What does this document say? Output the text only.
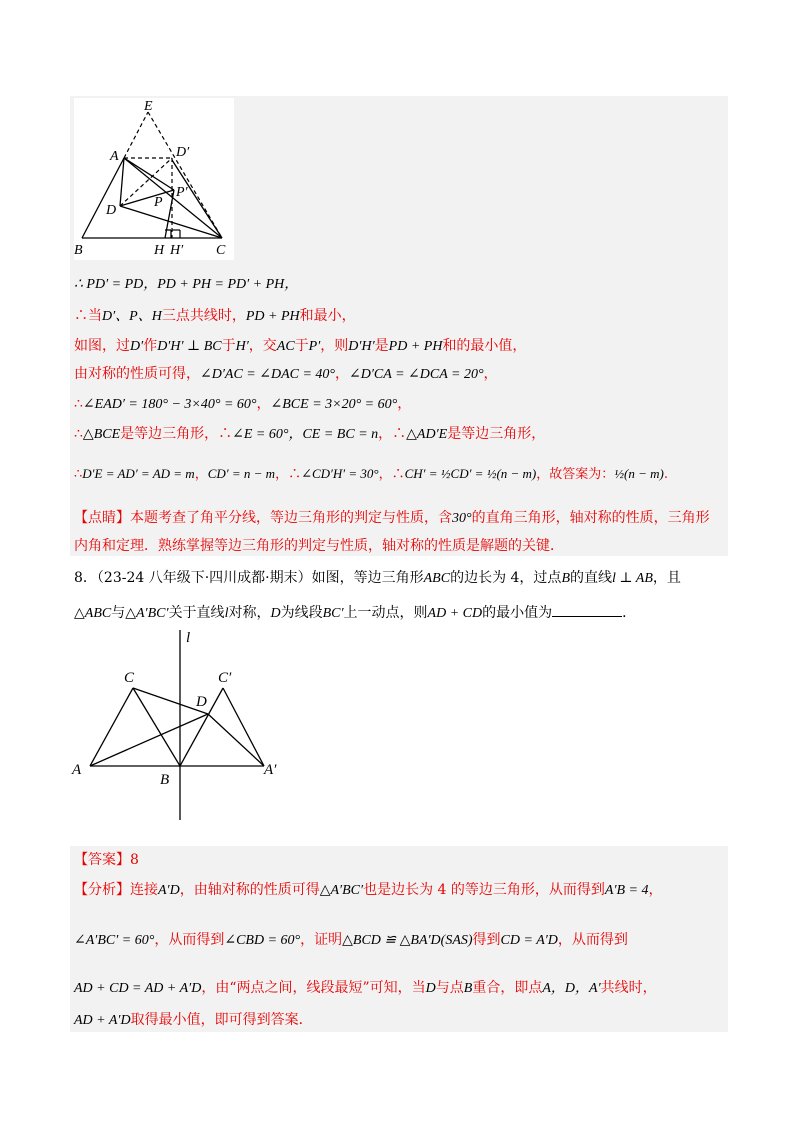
E
A	D′
D
P
P′
B	H H′ C
∴ PD′ = PD，PD + PH = PD′ + PH，
∴当D′、P、H三点共线时，PD + PH和最小，
如图，过D′作D′H′ ⊥ BC于H′，交AC于P′，则D′H′是PD + PH和的最小值，
由对称的性质可得，∠D′AC = ∠DAC = 40°，∠D′CA = ∠DCA = 20°，
∴∠EAD′ = 180° − 3×40° = 60°，∠BCE = 3×20° = 60°，
∴△BCE是等边三角形，∴∠E = 60°，CE = BC = n，∴△AD′E是等边三角形，
∴D′E = AD′ = AD = m，CD′ = n − m，∴∠CD′H′ = 30°，∴CH′ = ½CD′ = ½(n − m)，故答案为：½(n − m).
【点睛】本题考查了角平分线，等边三角形的判定与性质，含30°的直角三角形，轴对称的性质，三角形
内角和定理．熟练掌握等边三角形的判定与性质，轴对称的性质是解题的关键．
8．（23-24 八年级下·四川成都·期末）如图，等边三角形ABC的边长为 4，过点B的直线l ⊥ AB，且
△ABC与△A′BC′关于直线l对称，D为线段BC′上一动点，则AD + CD的最小值为	．
l
C	C′
D
A
B
A′
【答案】8
【分析】连接A′D，由轴对称的性质可得△A′BC′也是边长为 4 的等边三角形，从而得到A′B = 4，
∠A′BC′ = 60°，从而得到∠CBD = 60°，证明△BCD ≌ △BA′D(SAS)得到CD = A′D，从而得到
AD + CD = AD + A′D，由“两点之间，线段最短”可知，当D与点B重合，即点A，D，A′共线时，
AD + A′D取得最小值，即可得到答案．
